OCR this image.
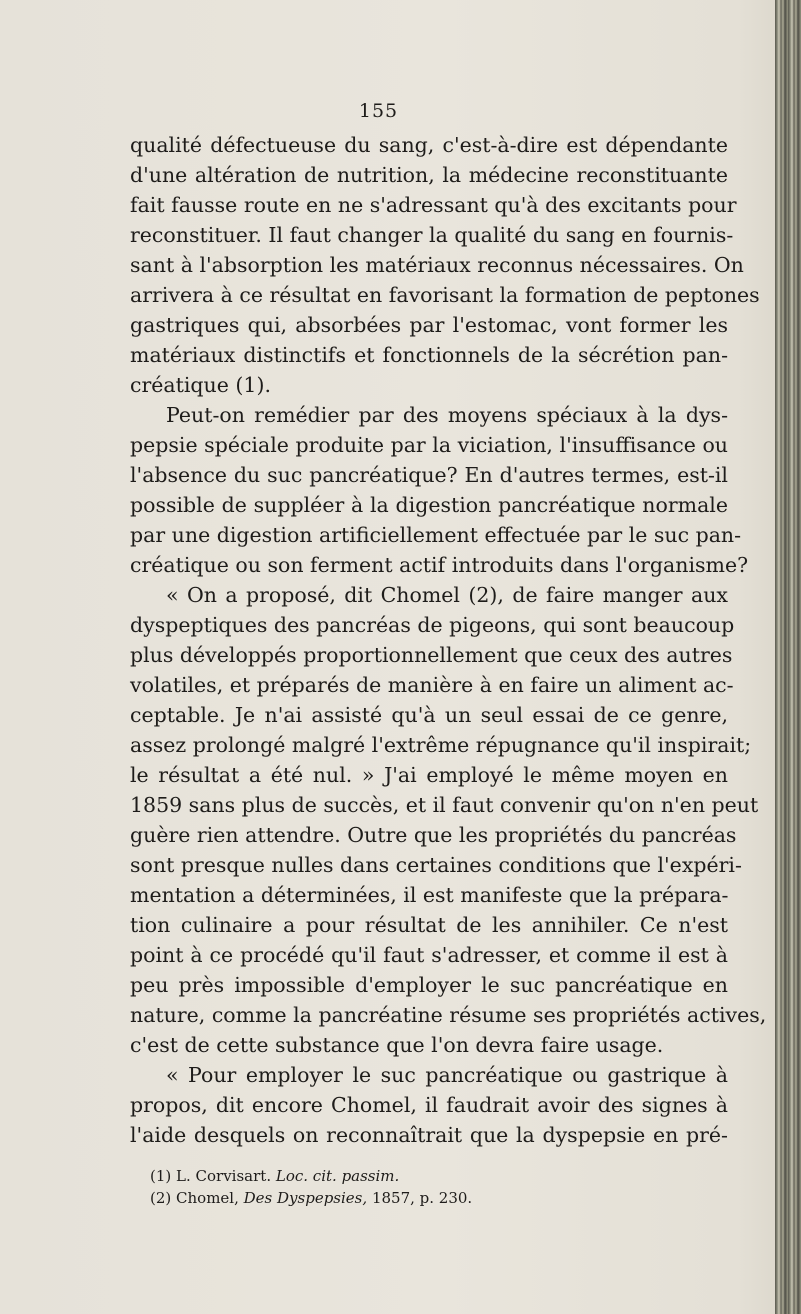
155
qualité défectueuse du sang, c'est-à-dire est dépendante
d'une altération de nutrition, la médecine reconstituante
fait fausse route en ne s'adressant qu'à des excitants pour
reconstituer. Il faut changer la qualité du sang en fournis-
sant à l'absorption les matériaux reconnus nécessaires. On
arrivera à ce résultat en favorisant la formation de peptones
gastriques qui, absorbées par l'estomac, vont former les
matériaux distinctifs et fonctionnels de la sécrétion pan-
créatique (1).
Peut-on remédier par des moyens spéciaux à la dys-
pepsie spéciale produite par la viciation, l'insuffisance ou
l'absence du suc pancréatique? En d'autres termes, est-il
possible de suppléer à la digestion pancréatique normale
par une digestion artificiellement effectuée par le suc pan-
créatique ou son ferment actif introduits dans l'organisme?
« On a proposé, dit Chomel (2), de faire manger aux
dyspeptiques des pancréas de pigeons, qui sont beaucoup
plus développés proportionnellement que ceux des autres
volatiles, et préparés de manière à en faire un aliment ac-
ceptable. Je n'ai assisté qu'à un seul essai de ce genre,
assez prolongé malgré l'extrême répugnance qu'il inspirait;
le résultat a été nul. » J'ai employé le même moyen en
1859 sans plus de succès, et il faut convenir qu'on n'en peut
guère rien attendre. Outre que les propriétés du pancréas
sont presque nulles dans certaines conditions que l'expéri-
mentation a déterminées, il est manifeste que la prépara-
tion culinaire a pour résultat de les annihiler. Ce n'est
point à ce procédé qu'il faut s'adresser, et comme il est à
peu près impossible d'employer le suc pancréatique en
nature, comme la pancréatine résume ses propriétés actives,
c'est de cette substance que l'on devra faire usage.
« Pour employer le suc pancréatique ou gastrique à
propos, dit encore Chomel, il faudrait avoir des signes à
l'aide desquels on reconnaîtrait que la dyspepsie en pré-
(1) L. Corvisart. Loc. cit. passim.
(2) Chomel, Des Dyspepsies, 1857, p. 230.
